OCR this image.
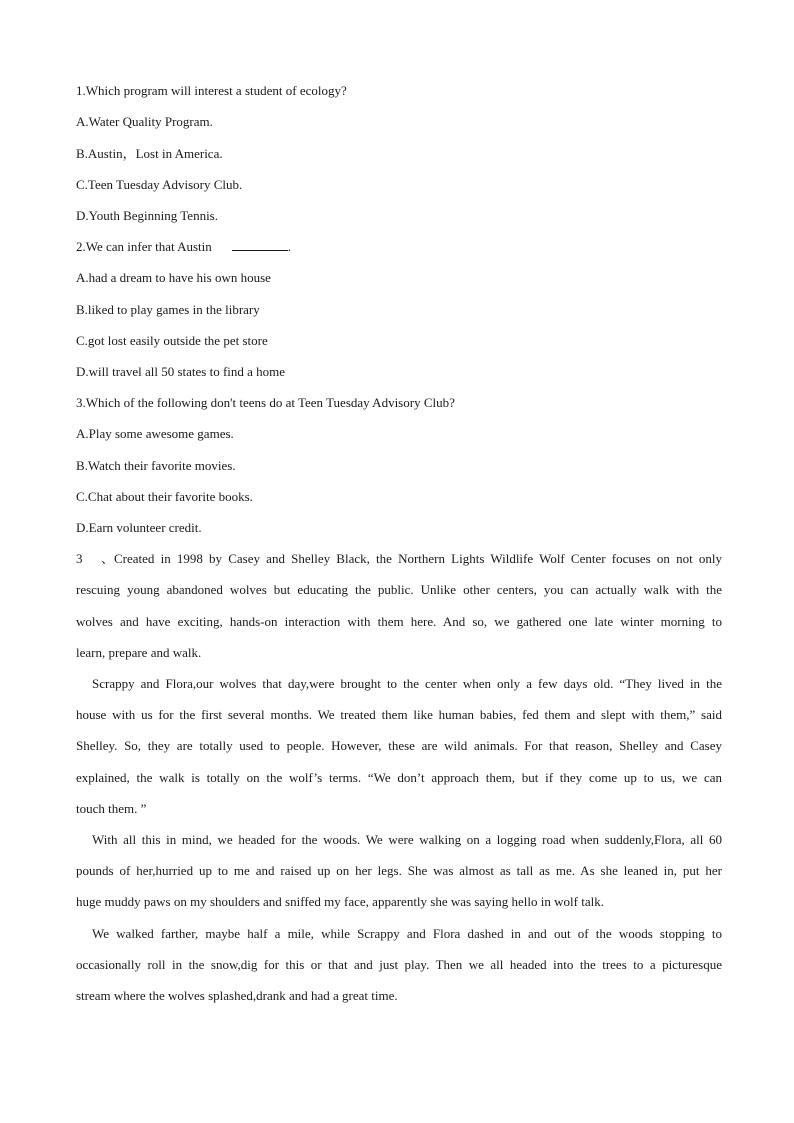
1.Which program will interest a student of ecology?
A.Water Quality Program.
B.Austin，Lost in America.
C.Teen Tuesday Advisory Club.
D.Youth Beginning Tennis.
2.We can infer that Austin	.
A.had a dream to have his own house
B.liked to play games in the library
C.got lost easily outside the pet store
D.will travel all 50 states to find a home
3.Which of the following don't teens do at Teen Tuesday Advisory Club?
A.Play some awesome games.
B.Watch their favorite movies.
C.Chat about their favorite books.
D.Earn volunteer credit.
3、Created in 1998 by Casey and Shelley Black, the Northern Lights Wildlife Wolf Center focuses on not only
rescuing young abandoned wolves but educating the public. Unlike other centers, you can actually walk with the
wolves and have exciting, hands-on interaction with them here. And so, we gathered one late winter morning to
learn, prepare and walk.
Scrappy and Flora,our wolves that day,were brought to the center when only a few days old. “They lived in the
house with us for the first several months. We treated them like human babies, fed them and slept with them,” said
Shelley. So, they are totally used to people. However, these are wild animals. For that reason, Shelley and Casey
explained, the walk is totally on the wolf’s terms. “We don’t approach them, but if they come up to us, we can
touch them. ”
With all this in mind, we headed for the woods. We were walking on a logging road when suddenly,Flora, all 60
pounds of her,hurried up to me and raised up on her legs. She was almost as tall as me. As she leaned in, put her
huge muddy paws on my shoulders and sniffed my face, apparently she was saying hello in wolf talk.
We walked farther, maybe half a mile, while Scrappy and Flora dashed in and out of the woods stopping to
occasionally roll in the snow,dig for this or that and just play. Then we all headed into the trees to a picturesque
stream where the wolves splashed,drank and had a great time.
